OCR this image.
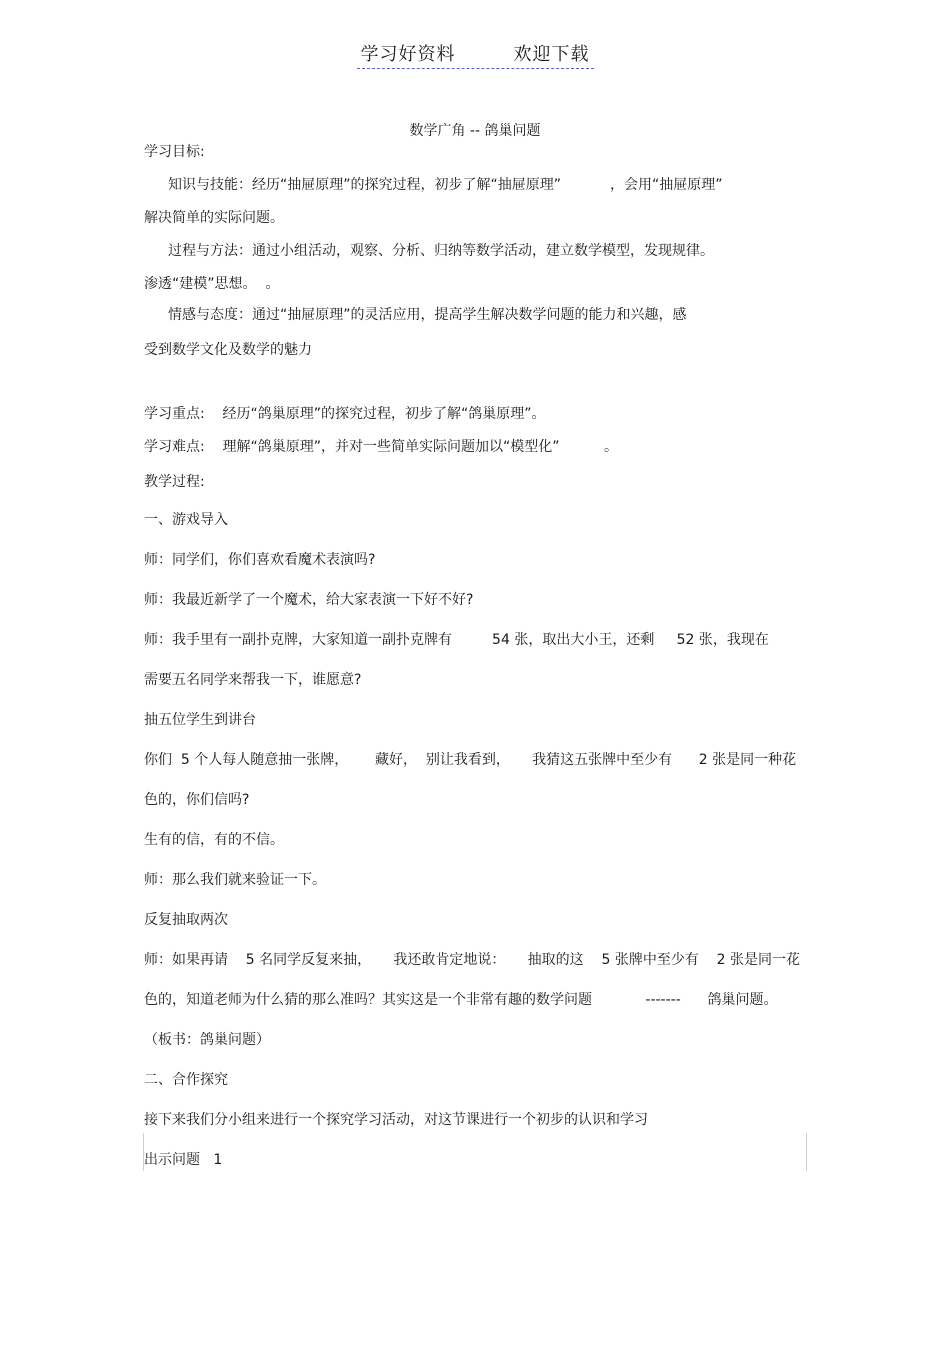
学习好资料	欢迎下载
数学广角 -- 鸽巢问题
学习目标:
知识与技能：经历“抽屉原理”的探究过程，初步了解“抽屉原理”           ，会用“抽屉原理”
解决简单的实际问题。
过程与方法：通过小组活动，观察、分析、归纳等数学活动，建立数学模型，发现规律。
渗透“建模”思想。  。
情感与态度：通过“抽屉原理”的灵活应用，提高学生解决数学问题的能力和兴趣，感
受到数学文化及数学的魅力
学习重点:    经历“鸽巢原理”的探究过程，初步了解“鸽巢原理”。
学习难点:    理解“鸽巢原理”，并对一些简单实际问题加以“模型化”          。
教学过程:
一、游戏导入
师：同学们，你们喜欢看魔术表演吗?
师：我最近新学了一个魔术，给大家表演一下好不好?
师：我手里有一副扑克牌，大家知道一副扑克牌有         54 张，取出大小王，还剩     52 张，我现在
需要五名同学来帮我一下，谁愿意?
抽五位学生到讲台
你们  5 个人每人随意抽一张牌，      藏好，  别让我看到，     我猜这五张牌中至少有      2 张是同一种花
色的，你们信吗?
生有的信，有的不信。
师：那么我们就来验证一下。
反复抽取两次
师：如果再请    5 名同学反复来抽，     我还敢肯定地说：     抽取的这    5 张牌中至少有    2 张是同一花
色的，知道老师为什么猜的那么准吗？其实这是一个非常有趣的数学问题            -------      鸽巢问题。
（板书：鸽巢问题）
二、合作探究
接下来我们分小组来进行一个探究学习活动，对这节课进行一个初步的认识和学习
出示问题   1
